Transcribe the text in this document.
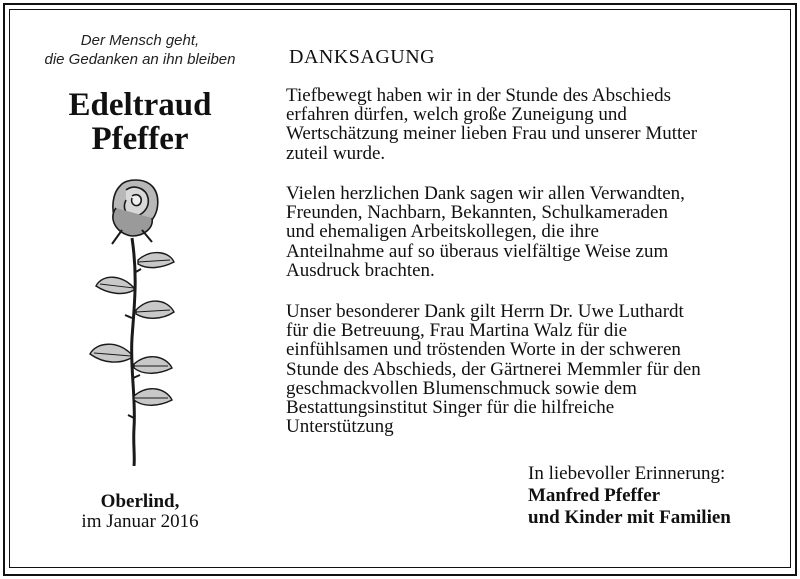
Der Mensch geht,
die Gedanken an ihn bleiben
Edeltraud
Pfeffer
Oberlind,
im Januar 2016
DANKSAGUNG
Tiefbewegt haben wir in der Stunde des Abschieds
erfahren dürfen, welch große Zuneigung und
Wertschätzung meiner lieben Frau und unserer Mutter
zuteil wurde.
Vielen herzlichen Dank sagen wir allen Verwandten,
Freunden, Nachbarn, Bekannten, Schulkameraden
und ehemaligen Arbeitskollegen, die ihre
Anteilnahme auf so überaus vielfältige Weise zum
Ausdruck brachten.
Unser besonderer Dank gilt Herrn Dr. Uwe Luthardt
für die Betreuung, Frau Martina Walz für die
einfühlsamen und tröstenden Worte in der schweren
Stunde des Abschieds, der Gärtnerei Memmler für den
geschmackvollen Blumenschmuck sowie dem
Bestattungsinstitut Singer für die hilfreiche
Unterstützung
In liebevoller Erinnerung:
Manfred Pfeffer
und Kinder mit Familien
